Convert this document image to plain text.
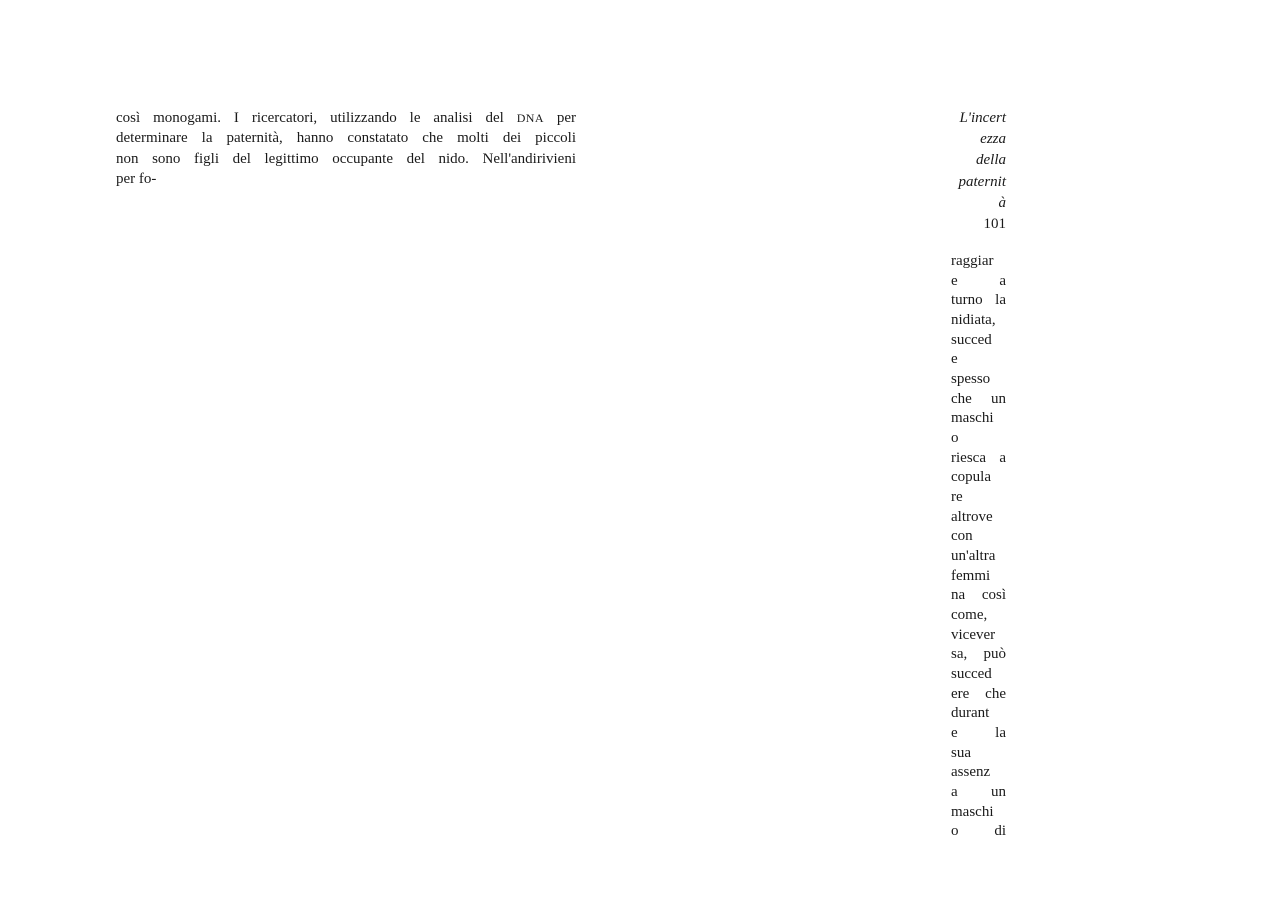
così monogami. I ricercatori, utilizzando le analisi del DNA per
determinare la paternità, hanno constatato che molti dei piccoli
non sono figli del legittimo occupante del nido. Nell'andirivieni
per fo-
L'incert
ezza
della
paternit
à
101
raggiar
e a
turno la
nidiata,
succed
e
spesso
che un
maschi
o
riesca a
copula
re
altrove
con
un'altra
femmi
na così
come,
vicever
sa, può
succed
ere che
durant
e la
sua
assenz
a un
maschi
o di
